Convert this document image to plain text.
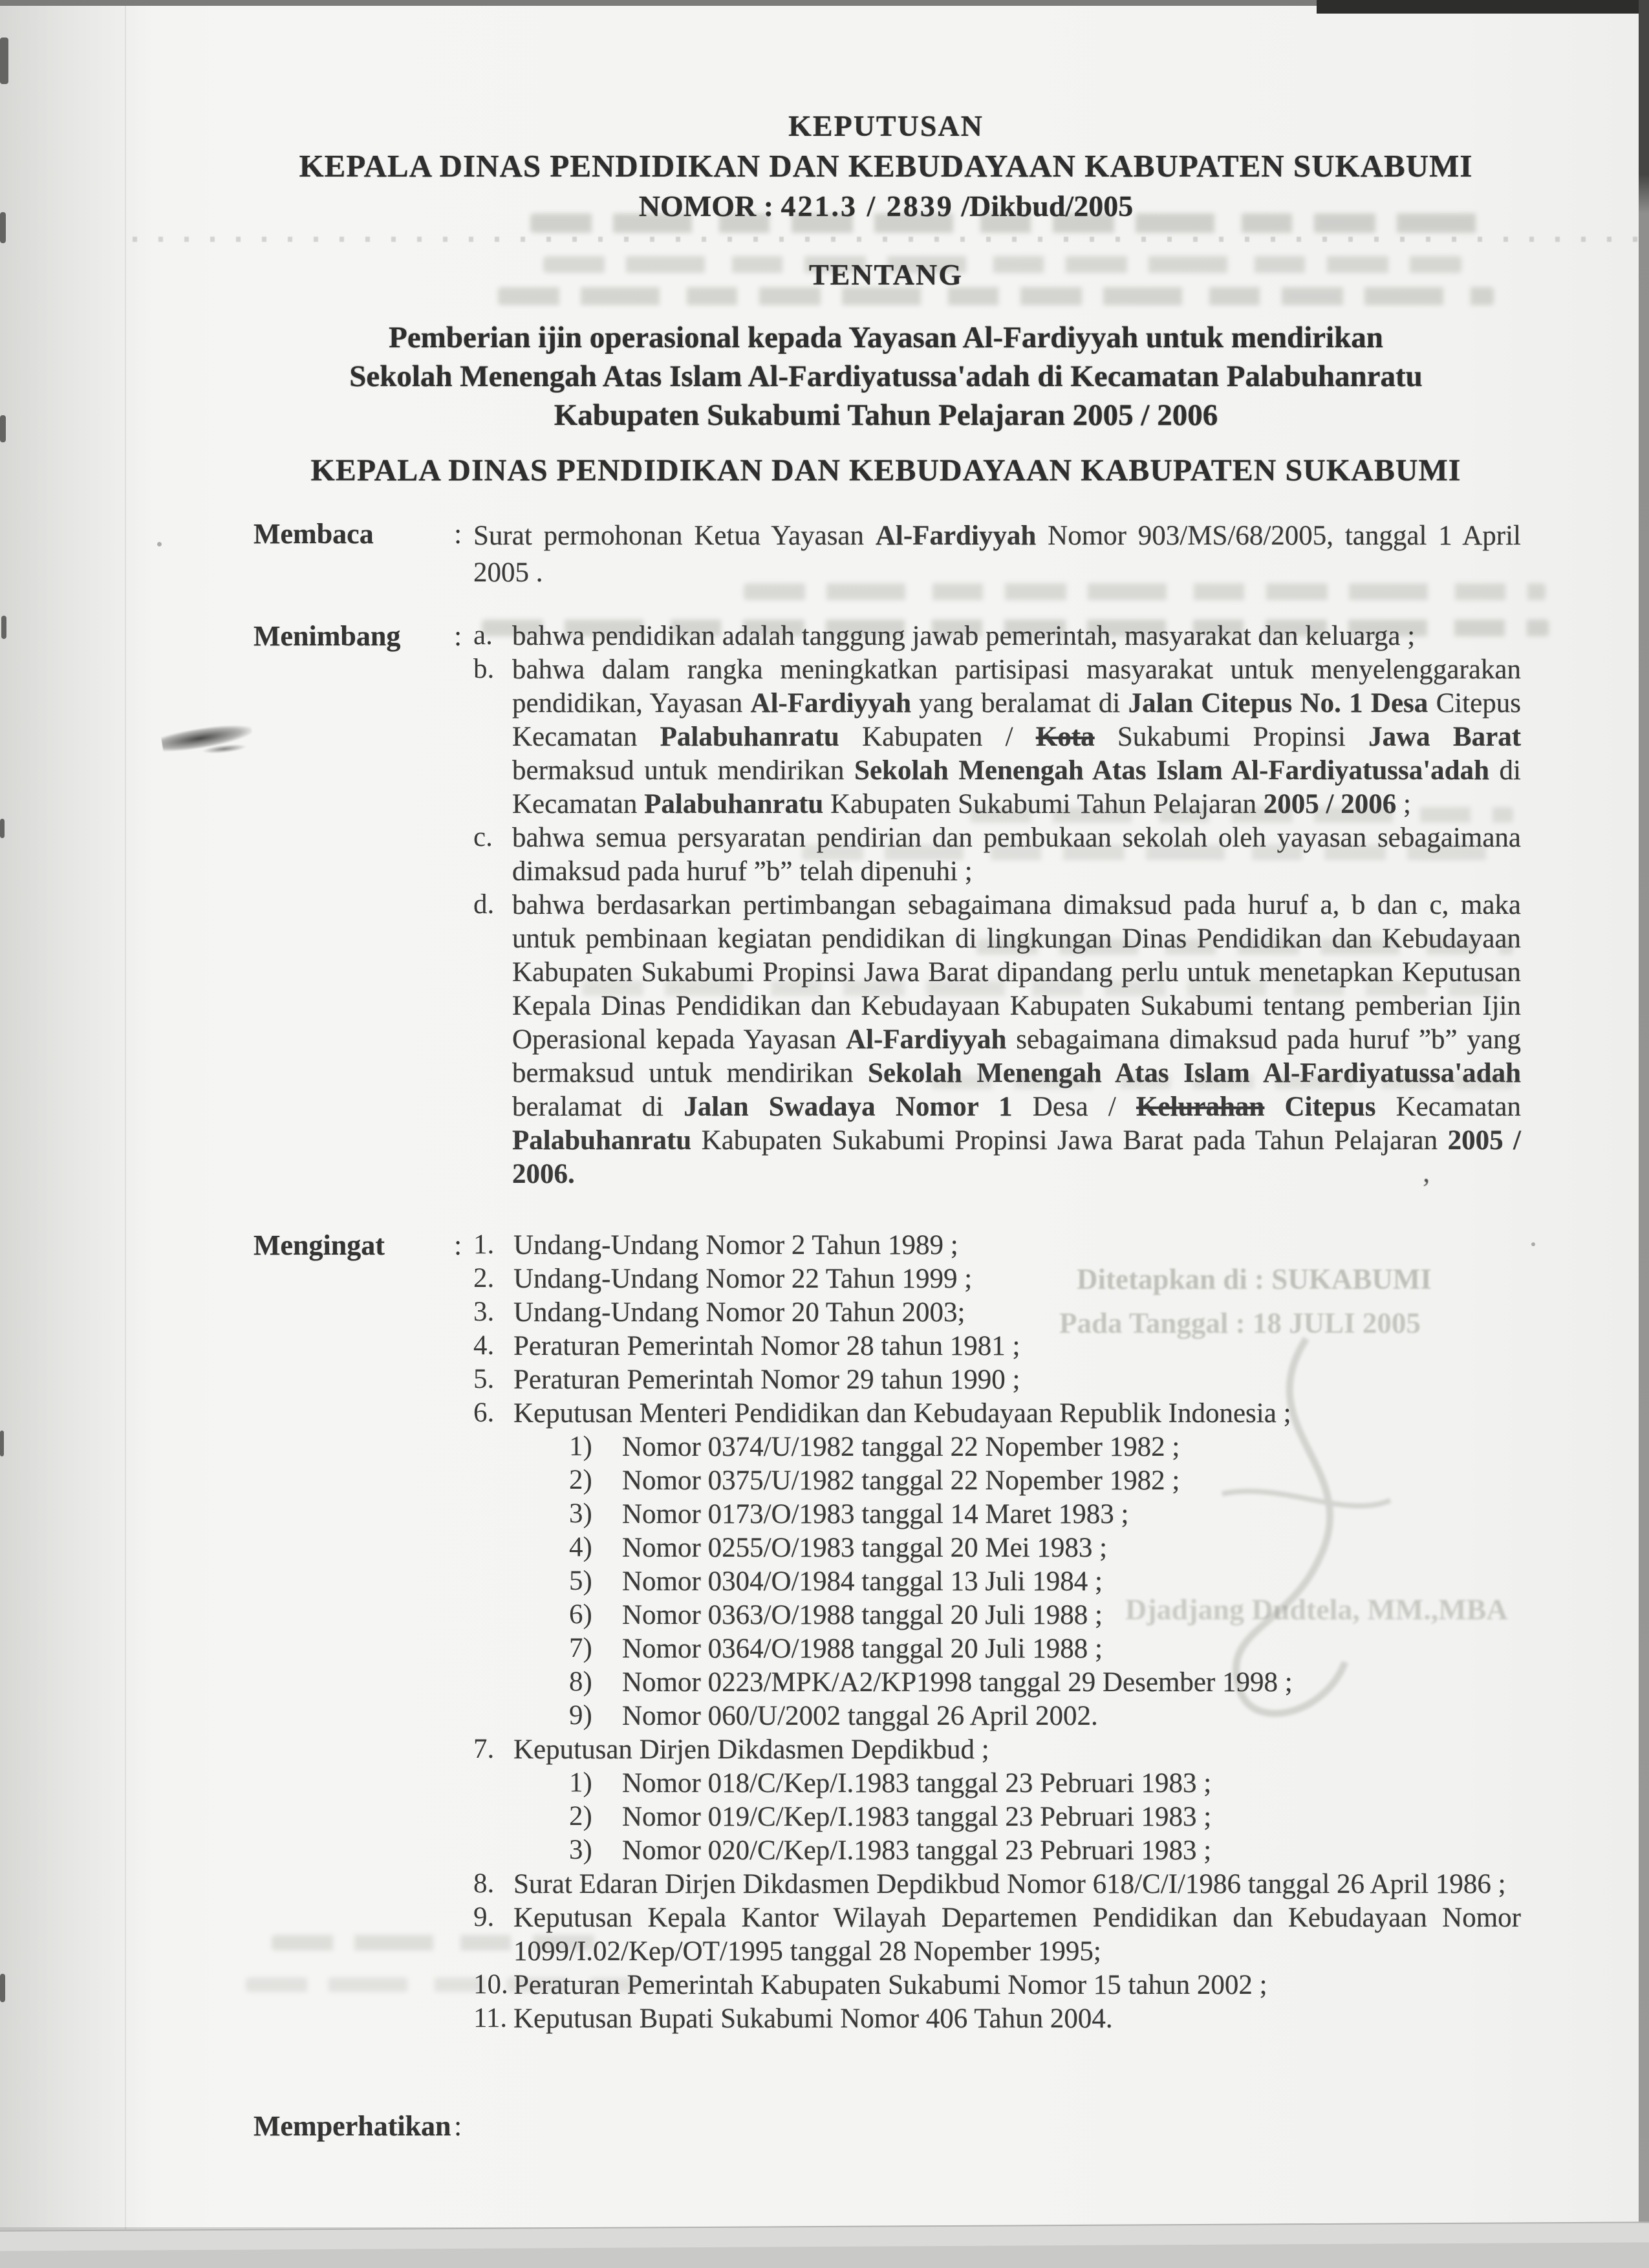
Ditetapkan di : SUKABUMI
Pada Tanggal : 18 JULI 2005
Djadjang Dudtela, MM.,MBA
KEPUTUSAN
KEPALA DINAS PENDIDIKAN DAN KEBUDAYAAN KABUPATEN SUKABUMI
NOMOR : 421.3 / 2839 /Dikbud/2005
TENTANG
Pemberian ijin operasional kepada Yayasan Al-Fardiyyah untuk mendirikan
Sekolah Menengah Atas Islam Al-Fardiyatussa'adah di Kecamatan Palabuhanratu
Kabupaten Sukabumi Tahun Pelajaran 2005 / 2006
KEPALA DINAS PENDIDIKAN DAN KEBUDAYAAN KABUPATEN SUKABUMI
Membaca	: Surat permohonan Ketua Yayasan Al-Fardiyyah Nomor 903/MS/68/2005, tanggal 1 April 2005 .
Menimbang : a. bahwa pendidikan adalah tanggung jawab pemerintah, masyarakat dan keluarga ;
b. bahwa dalam rangka meningkatkan partisipasi masyarakat untuk menyelenggarakan pendidikan, Yayasan Al-Fardiyyah yang beralamat di Jalan Citepus No. 1 Desa Citepus Kecamatan Palabuhanratu Kabupaten / Kota Sukabumi Propinsi Jawa Barat bermaksud untuk mendirikan Sekolah Menengah Atas Islam Al-Fardiyatussa'adah di Kecamatan Palabuhanratu Kabupaten Sukabumi Tahun Pelajaran 2005 / 2006 ;
c. bahwa semua persyaratan pendirian dan pembukaan sekolah oleh yayasan sebagaimana dimaksud pada huruf ”b” telah dipenuhi ;
d. bahwa berdasarkan pertimbangan sebagaimana dimaksud pada huruf a, b dan c, maka untuk pembinaan kegiatan pendidikan di lingkungan Dinas Pendidikan dan Kebudayaan Kabupaten Sukabumi Propinsi Jawa Barat dipandang perlu untuk menetapkan Keputusan Kepala Dinas Pendidikan dan Kebudayaan Kabupaten Sukabumi tentang pemberian Ijin Operasional kepada Yayasan Al-Fardiyyah sebagaimana dimaksud pada huruf ”b” yang bermaksud untuk mendirikan Sekolah Menengah Atas Islam Al-Fardiyatussa'adah beralamat di Jalan Swadaya Nomor 1 Desa / Kelurahan Citepus Kecamatan Palabuhanratu Kabupaten Sukabumi Propinsi Jawa Barat pada Tahun Pelajaran 2005 / 2006.
Mengingat : 1. Undang-Undang Nomor 2 Tahun 1989 ;
2. Undang-Undang Nomor 22 Tahun 1999 ;
3. Undang-Undang Nomor 20 Tahun 2003;
4. Peraturan Pemerintah Nomor 28 tahun 1981 ;
5. Peraturan Pemerintah Nomor 29 tahun 1990 ;
6. Keputusan Menteri Pendidikan dan Kebudayaan Republik Indonesia ;
1)	Nomor 0374/U/1982 tanggal 22 Nopember 1982 ;
2)	Nomor 0375/U/1982 tanggal 22 Nopember 1982 ;
3)	Nomor 0173/O/1983 tanggal 14 Maret 1983 ;
4)	Nomor 0255/O/1983 tanggal 20 Mei 1983 ;
5)	Nomor 0304/O/1984 tanggal 13 Juli 1984 ;
6)	Nomor 0363/O/1988 tanggal 20 Juli 1988 ;
7)	Nomor 0364/O/1988 tanggal 20 Juli 1988 ;
8)	Nomor 0223/MPK/A2/KP1998 tanggal 29 Desember 1998 ;
9)	Nomor 060/U/2002 tanggal 26 April 2002.
7. Keputusan Dirjen Dikdasmen Depdikbud ;
1)	Nomor 018/C/Kep/I.1983 tanggal 23 Pebruari 1983 ;
2)	Nomor 019/C/Kep/I.1983 tanggal 23 Pebruari 1983 ;
3)	Nomor 020/C/Kep/I.1983 tanggal 23 Pebruari 1983 ;
8. Surat Edaran Dirjen Dikdasmen Depdikbud Nomor 618/C/I/1986 tanggal 26 April 1986 ;
9. Keputusan Kepala Kantor Wilayah Departemen Pendidikan dan Kebudayaan Nomor 1099/I.02/Kep/OT/1995 tanggal 28 Nopember 1995;
10. Peraturan Pemerintah Kabupaten Sukabumi Nomor 15 tahun 2002 ;
11. Keputusan Bupati Sukabumi Nomor 406 Tahun 2004.
Memperhatikan :
’
